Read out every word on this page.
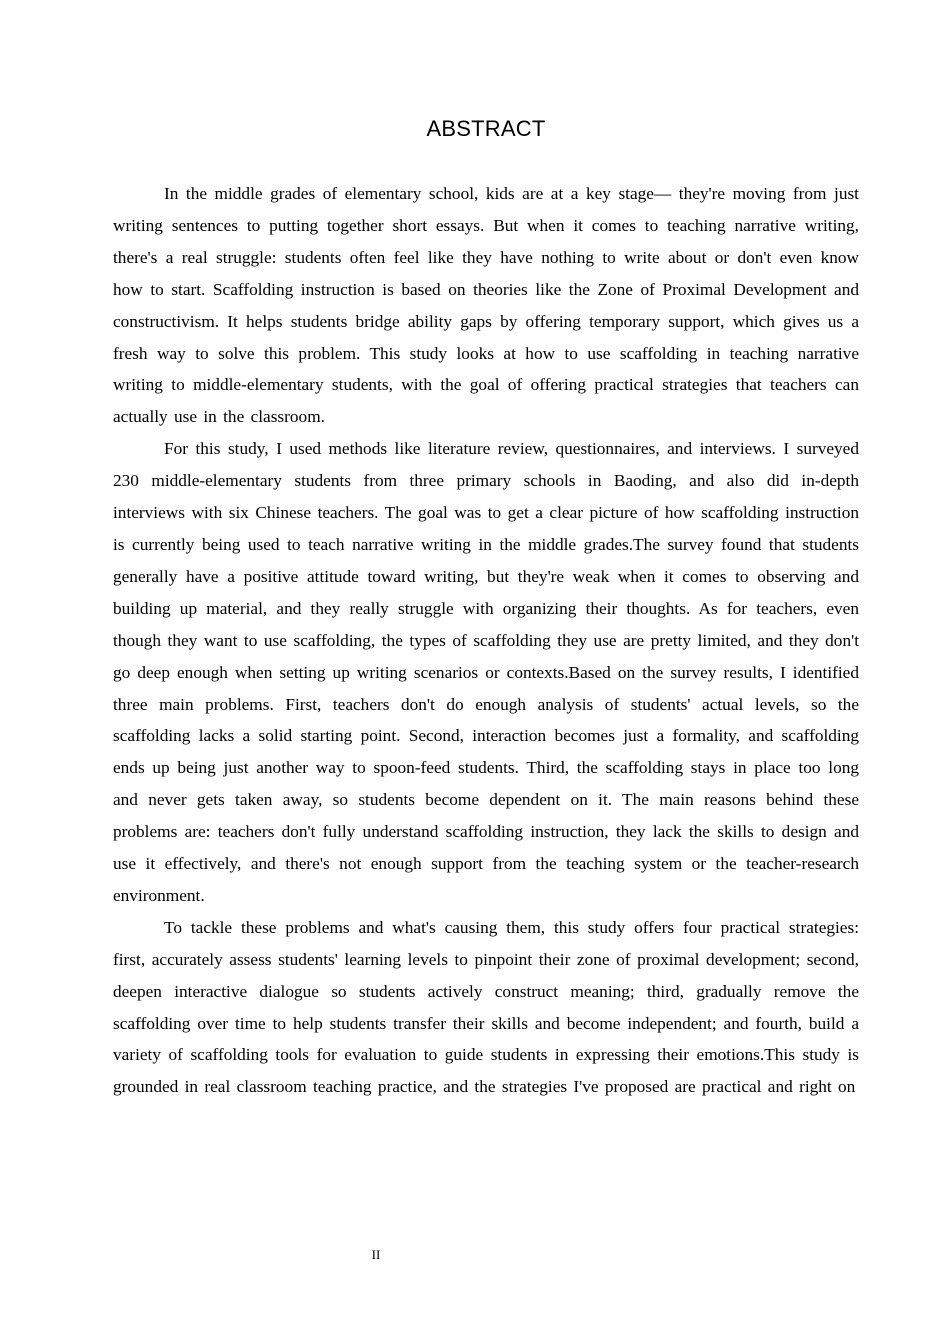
ABSTRACT

In the middle grades of elementary school, kids are at a key stage— they're moving from just writing sentences to putting together short essays. But when it comes to teaching narrative writing, there's a real struggle: students often feel like they have nothing to write about or don't even know how to start. Scaffolding instruction is based on theories like the Zone of Proximal Development and constructivism. It helps students bridge ability gaps by offering temporary support, which gives us a fresh way to solve this problem. This study looks at how to use scaffolding in teaching narrative writing to middle-elementary students, with the goal of offering practical strategies that teachers can actually use in the classroom.

For this study, I used methods like literature review, questionnaires, and interviews. I surveyed 230 middle-elementary students from three primary schools in Baoding, and also did in-depth interviews with six Chinese teachers. The goal was to get a clear picture of how scaffolding instruction is currently being used to teach narrative writing in the middle grades.The survey found that students generally have a positive attitude toward writing, but they're weak when it comes to observing and building up material, and they really struggle with organizing their thoughts. As for teachers, even though they want to use scaffolding, the types of scaffolding they use are pretty limited, and they don't go deep enough when setting up writing scenarios or contexts.Based on the survey results, I identified three main problems. First, teachers don't do enough analysis of students' actual levels, so the scaffolding lacks a solid starting point. Second, interaction becomes just a formality, and scaffolding ends up being just another way to spoon-feed students. Third, the scaffolding stays in place too long and never gets taken away, so students become dependent on it. The main reasons behind these problems are: teachers don't fully understand scaffolding instruction, they lack the skills to design and use it effectively, and there's not enough support from the teaching system or the teacher-research environment.

To tackle these problems and what's causing them, this study offers four practical strategies: first, accurately assess students' learning levels to pinpoint their zone of proximal development; second, deepen interactive dialogue so students actively construct meaning; third, gradually remove the scaffolding over time to help students transfer their skills and become independent; and fourth, build a variety of scaffolding tools for evaluation to guide students in expressing their emotions.This study is grounded in real classroom teaching practice, and the strategies I've proposed are practical and right on

II
